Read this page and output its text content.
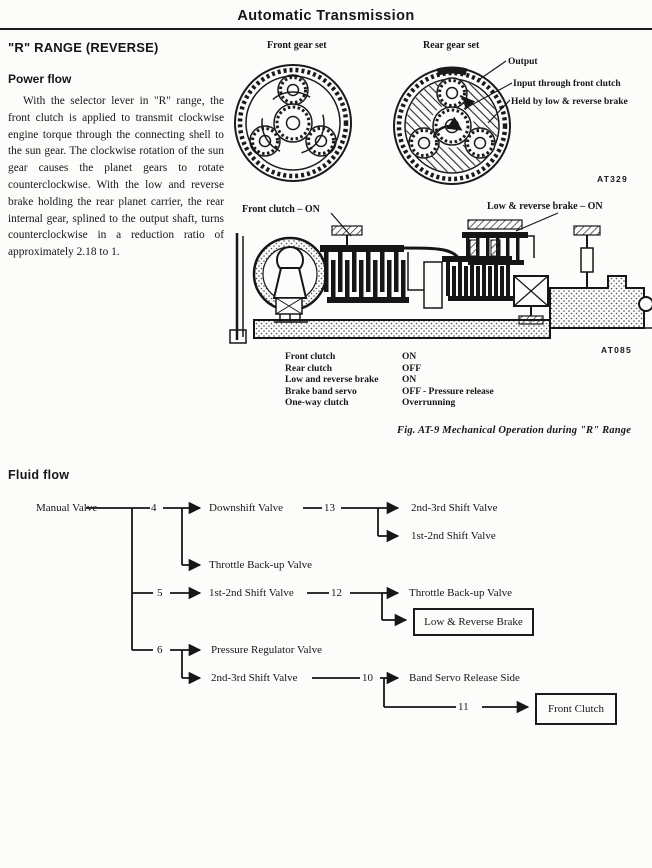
Automatic Transmission
"R" RANGE (REVERSE)
Power flow

With the selector lever in "R" range, the front clutch is applied to transmit clockwise engine torque through the connecting shell to the sun gear. The clockwise rotation of the sun gear causes the planet gears to rotate counterclockwise. With the low and reverse brake holding the rear planet carrier, the rear internal gear, splined to the output shaft, turns counterclockwise in a reduction ratio of approximately 2.18 to 1.

Front gear set	Rear gear set
Output
Input through front clutch
Held by low & reverse brake
AT329
Front clutch – ON	Low & reverse brake – ON
AT085
Front clutch	ON
Rear clutch	OFF
Low and reverse brake	ON
Brake band servo	OFF - Pressure release
One-way clutch	Overrunning
Fig. AT-9 Mechanical Operation during "R" Range
Fluid flow
Manual Valve	4	Downshift Valve	13	2nd-3rd Shift Valve
1st-2nd Shift Valve
Throttle Back-up Valve
5	1st-2nd Shift Valve	12	Throttle Back-up Valve
Low & Reverse Brake
6	Pressure Regulator Valve
2nd-3rd Shift Valve	10	Band Servo Release Side
11	Front Clutch
